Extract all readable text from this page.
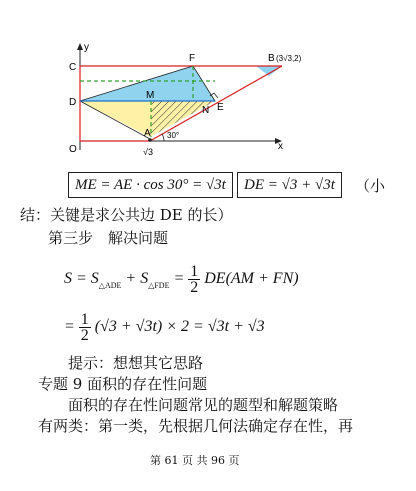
y
x
O
C
D
F	B (3√3,2)
M
N E
A 30°
√3
ME = AE · cos 30° = √3t	DE = √3 + √3t	（小
结：关键是求公共边 DE 的长）
第三步　解决问题
$S = S_{\triangle ADE} + S_{\triangle FDE} = \frac{1}{2} DE(AM + FN)$
= $\frac{1}{2} (√3 + √3t) \times 2 = √3t + √3$
提示：想想其它思路
专题 9 面积的存在性问题
面积的存在性问题常见的题型和解题策略
有两类：第一类，先根据几何法确定存在性，再
第 61 页 共 96 页
